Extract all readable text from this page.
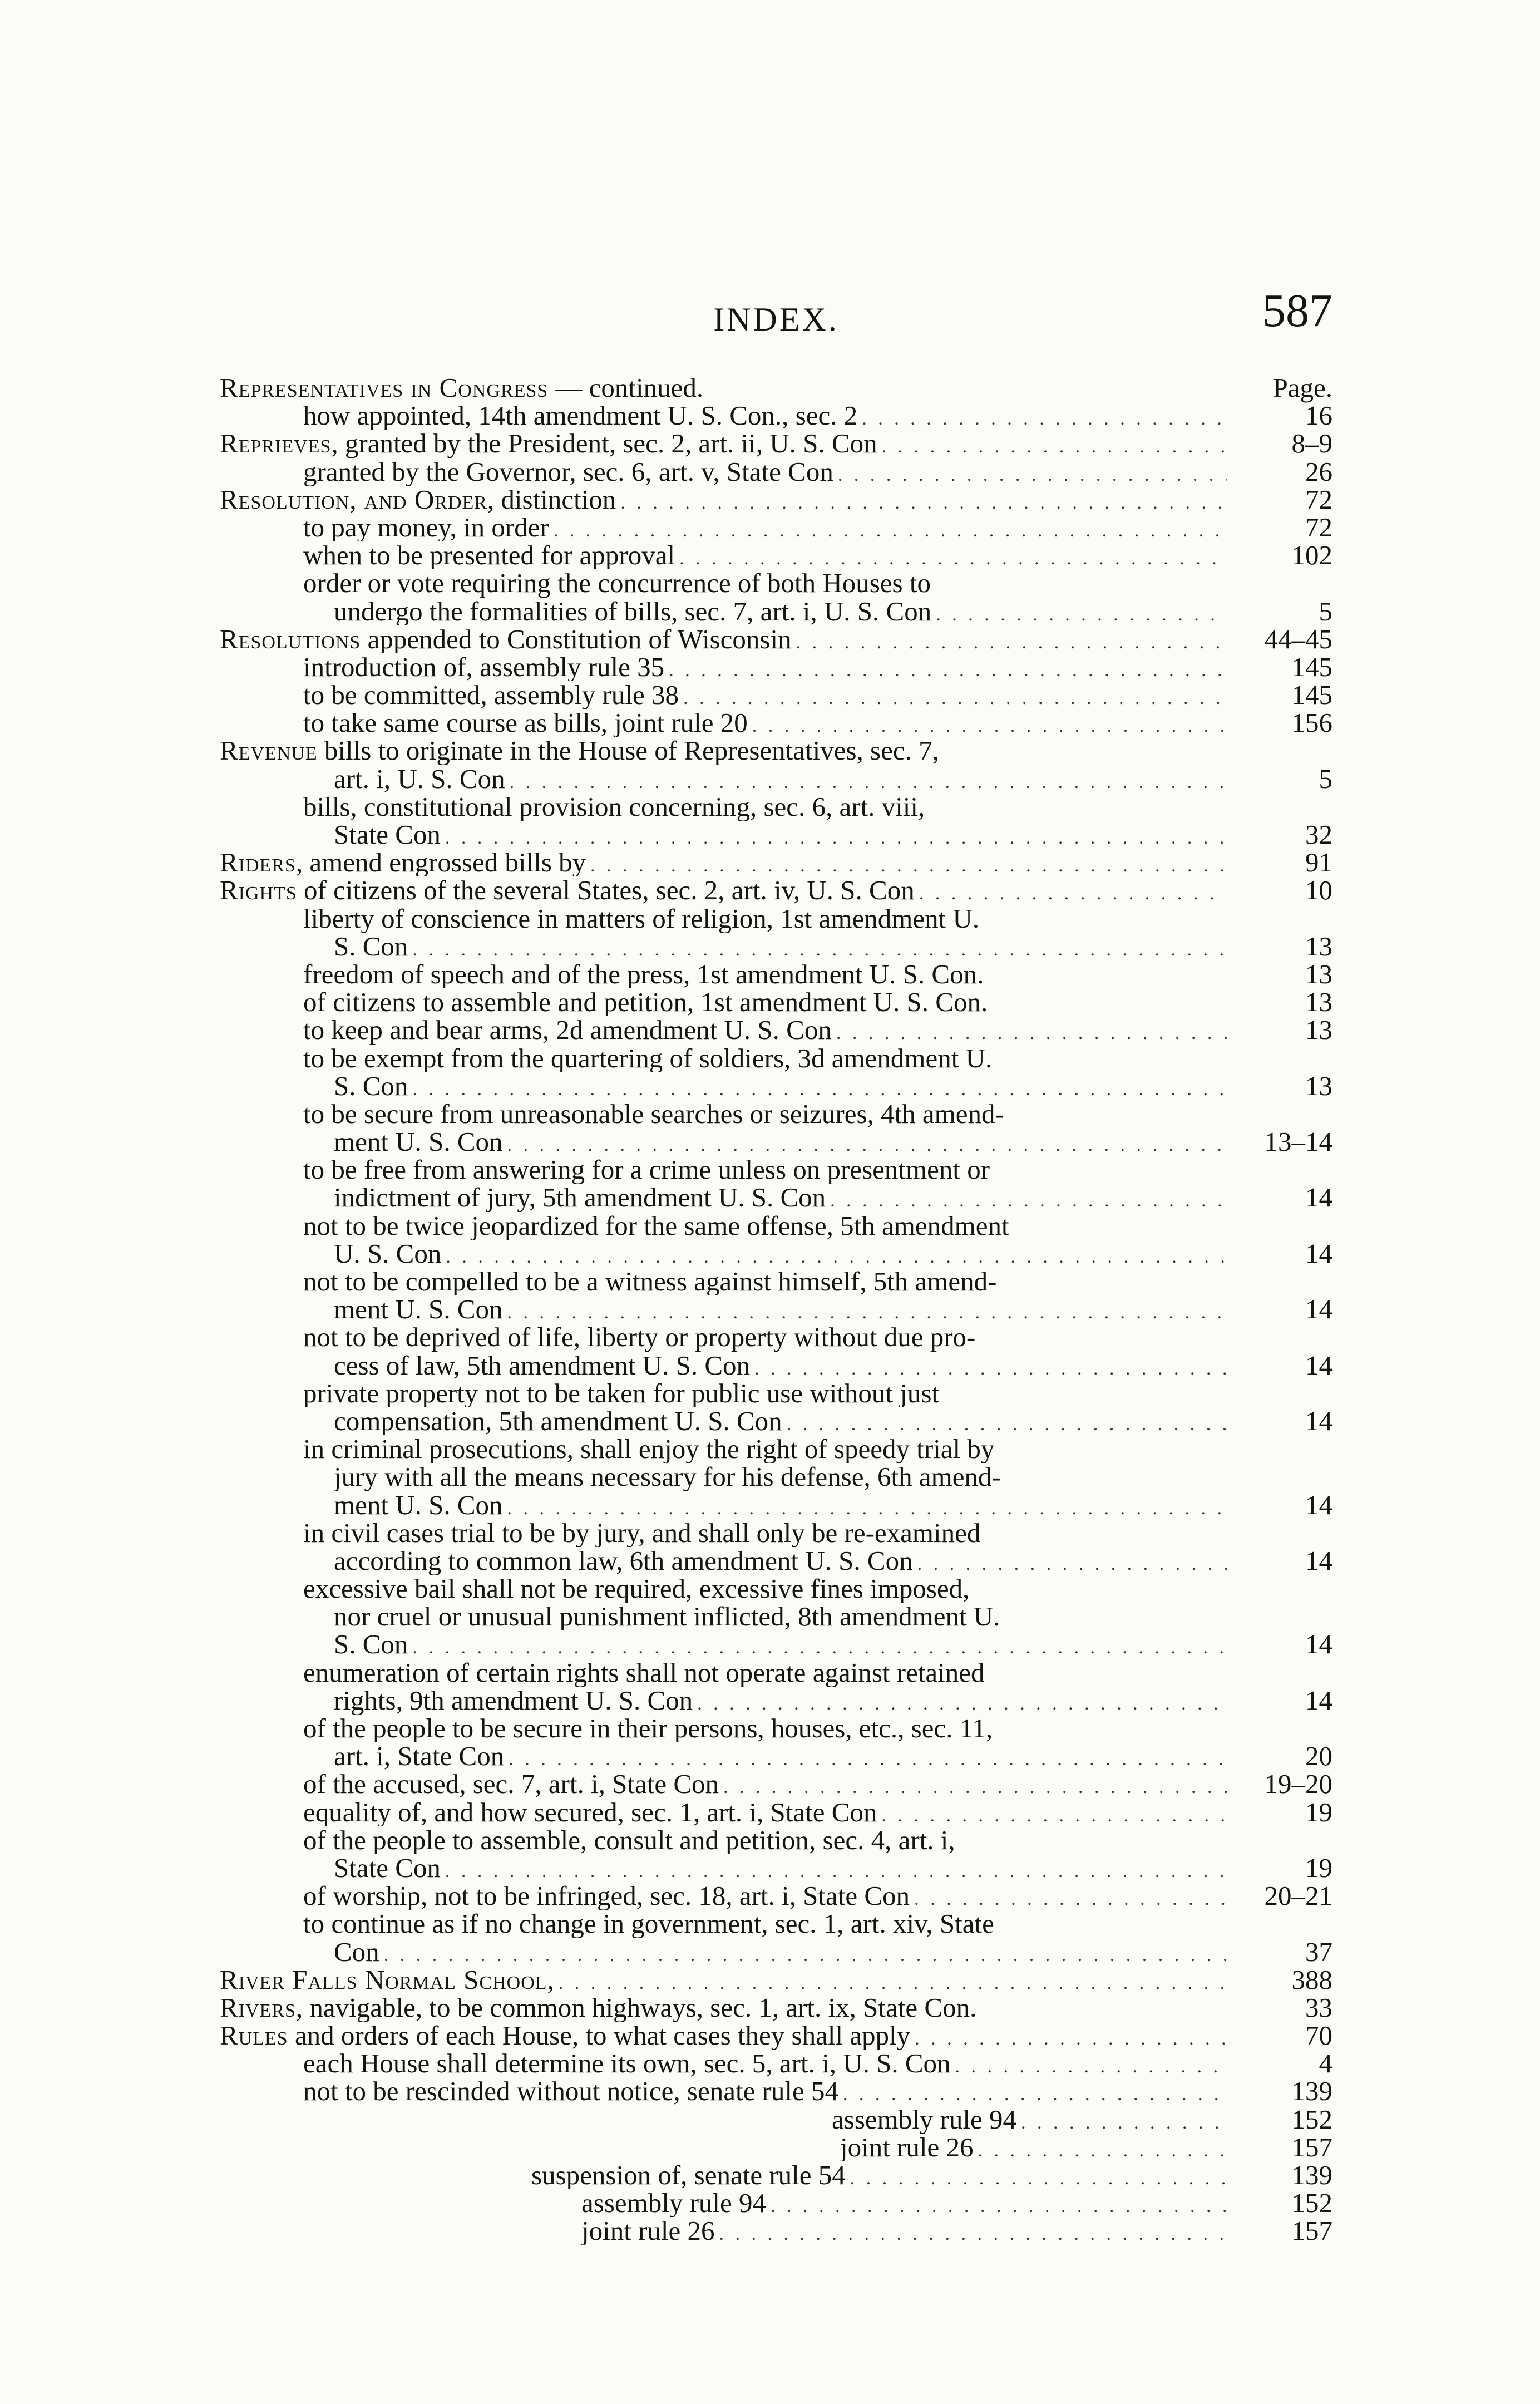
INDEX.	587
Representatives in Congress — continued.	Page.
how appointed, 14th amendment U. S. Con., sec. 2 . . .	16
Reprieves, granted by the President, sec. 2, art. ii, U. S. Con . . .	8–9
granted by the Governor, sec. 6, art. v, State Con . . .	26
Resolution, and Order, distinction . . .	72
to pay money, in order . . .	72
when to be presented for approval . . .	102
order or vote requiring the concurrence of both Houses to
undergo the formalities of bills, sec. 7, art. i, U. S. Con . . .	5
Resolutions appended to Constitution of Wisconsin . . .	44–45
introduction of, assembly rule 35 . . .	145
to be committed, assembly rule 38 . . .	145
to take same course as bills, joint rule 20 . . .	156
Revenue bills to originate in the House of Representatives, sec. 7,
art. i, U. S. Con . . .	5
bills, constitutional provision concerning, sec. 6, art. viii,
State Con . . .	32
Riders, amend engrossed bills by . . .	91
Rights of citizens of the several States, sec. 2, art. iv, U. S. Con . . .	10
liberty of conscience in matters of religion, 1st amendment U.
S. Con . . .	13
freedom of speech and of the press, 1st amendment U. S. Con.	13
of citizens to assemble and petition, 1st amendment U. S. Con.	13
to keep and bear arms, 2d amendment U. S. Con . . .	13
to be exempt from the quartering of soldiers, 3d amendment U.
S. Con . . .	13
to be secure from unreasonable searches or seizures, 4th amend-
ment U. S. Con . . .	13–14
to be free from answering for a crime unless on presentment or
indictment of jury, 5th amendment U. S. Con . . .	14
not to be twice jeopardized for the same offense, 5th amendment
U. S. Con . . .	14
not to be compelled to be a witness against himself, 5th amend-
ment U. S. Con . . .	14
not to be deprived of life, liberty or property without due pro-
cess of law, 5th amendment U. S. Con . . .	14
private property not to be taken for public use without just
compensation, 5th amendment U. S. Con . . .	14
in criminal prosecutions, shall enjoy the right of speedy trial by
jury with all the means necessary for his defense, 6th amend-
ment U. S. Con . . .	14
in civil cases trial to be by jury, and shall only be re-examined
according to common law, 6th amendment U. S. Con . . .	14
excessive bail shall not be required, excessive fines imposed,
nor cruel or unusual punishment inflicted, 8th amendment U.
S. Con . . .	14
enumeration of certain rights shall not operate against retained
rights, 9th amendment U. S. Con . . .	14
of the people to be secure in their persons, houses, etc., sec. 11,
art. i, State Con . . .	20
of the accused, sec. 7, art. i, State Con . . .	19–20
equality of, and how secured, sec. 1, art. i, State Con . . .	19
of the people to assemble, consult and petition, sec. 4, art. i,
State Con . . .	19
of worship, not to be infringed, sec. 18, art. i, State Con . . .	20–21
to continue as if no change in government, sec. 1, art. xiv, State
Con . . .	37
River Falls Normal School, . . .	388
Rivers, navigable, to be common highways, sec. 1, art. ix, State Con.	33
Rules and orders of each House, to what cases they shall apply . . .	70
each House shall determine its own, sec. 5, art. i, U. S. Con . . .	4
not to be rescinded without notice, senate rule 54 . . .	139
assembly rule 94 . . .	152
joint rule 26 . . .	157
suspension of, senate rule 54 . . .	139
assembly rule 94 . . .	152
joint rule 26 . . .	157
